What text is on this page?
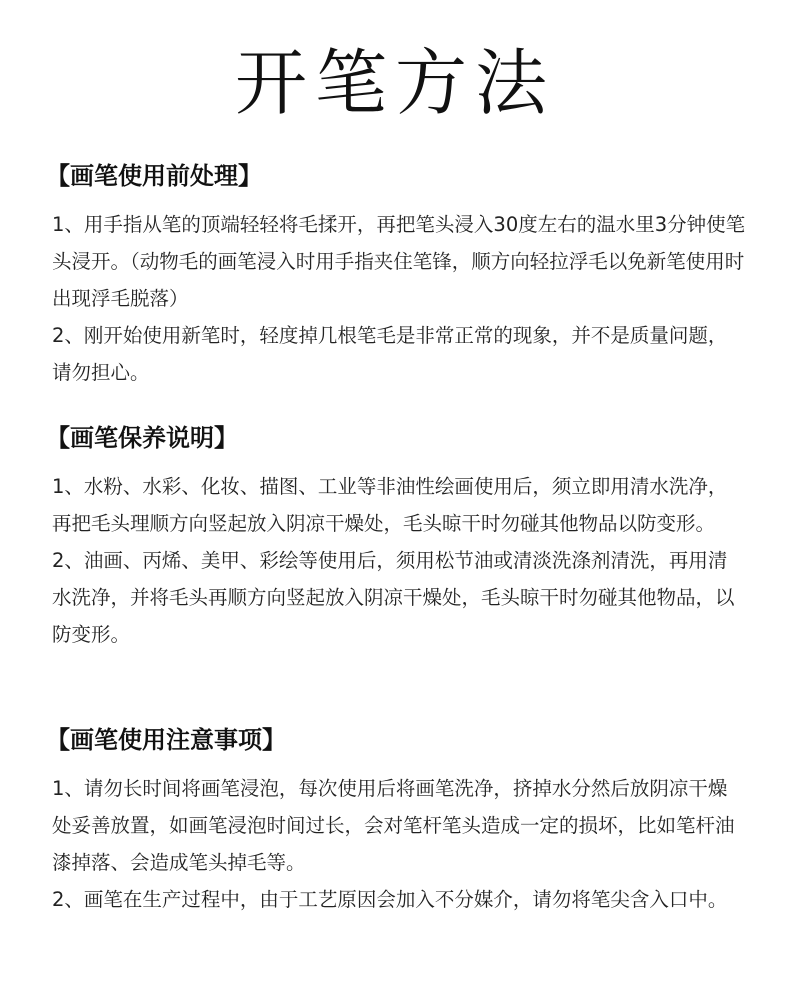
开笔方法
【画笔使用前处理】

1、用手指从笔的顶端轻轻将毛揉开，再把笔头浸入30度左右的温水里3分钟使笔头浸开。（动物毛的画笔浸入时用手指夹住笔锋，顺方向轻拉浮毛以免新笔使用时出现浮毛脱落）

2、刚开始使用新笔时，轻度掉几根笔毛是非常正常的现象，并不是质量问题，请勿担心。

【画笔保养说明】

1、水粉、水彩、化妆、描图、工业等非油性绘画使用后，须立即用清水洗净，再把毛头理顺方向竖起放入阴凉干燥处，毛头晾干时勿碰其他物品以防变形。

2、油画、丙烯、美甲、彩绘等使用后，须用松节油或清淡洗涤剂清洗，再用清水洗净，并将毛头再顺方向竖起放入阴凉干燥处，毛头晾干时勿碰其他物品，以防变形。

【画笔使用注意事项】

1、请勿长时间将画笔浸泡，每次使用后将画笔洗净，挤掉水分然后放阴凉干燥处妥善放置，如画笔浸泡时间过长，会对笔杆笔头造成一定的损坏，比如笔杆油漆掉落、会造成笔头掉毛等。

2、画笔在生产过程中，由于工艺原因会加入不分媒介，请勿将笔尖含入口中。
